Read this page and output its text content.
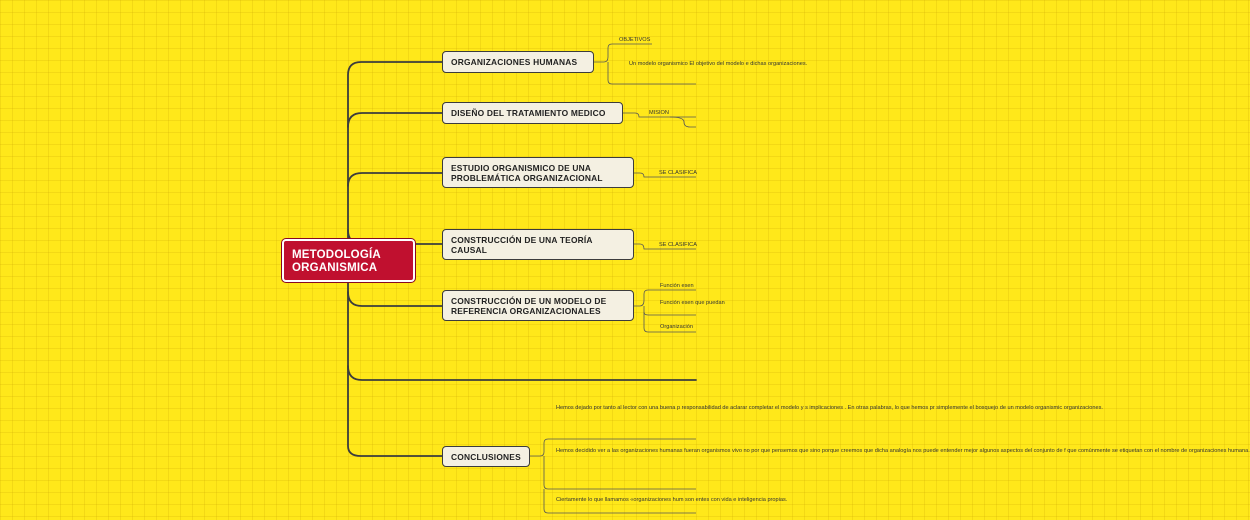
METODOLOGÍA ORGANISMICA
ORGANIZACIONES HUMANAS
DISEÑO DEL TRATAMIENTO MEDICO
ESTUDIO ORGANISMICO DE UNA PROBLEMÁTICA ORGANIZACIONAL
CONSTRUCCIÓN DE UNA TEORÍA CAUSAL
CONSTRUCCIÓN DE UN MODELO DE REFERENCIA ORGANIZACIONALES
CONCLUSIONES
OBJETIVOS
Un modelo organismico El objetivo del modelo e dichas organizaciones.
MISION
SE CLASIFICA
SE CLASIFICA
Función esen
Función esen que puedan
Organización
Hemos dejado por tanto al lector con una buena p responsabilidad de aclarar completar el modelo y s implicaciones . En otras palabras, lo que hemos pr simplemente el bosquejo de un modelo organismic organizaciones.
Hemos decidido ver a las organizaciones humanas fueran organismos vivo no por que pensemos que sino porque creemos que dicha analogía nos puede entender mejor algunos aspectos del conjunto de f que comúnmente se etiquetan con el nombre de organizaciones humana.
Ciertamente lo que llamamos «organizaciones hum son entes con vida e inteligencia propias.
